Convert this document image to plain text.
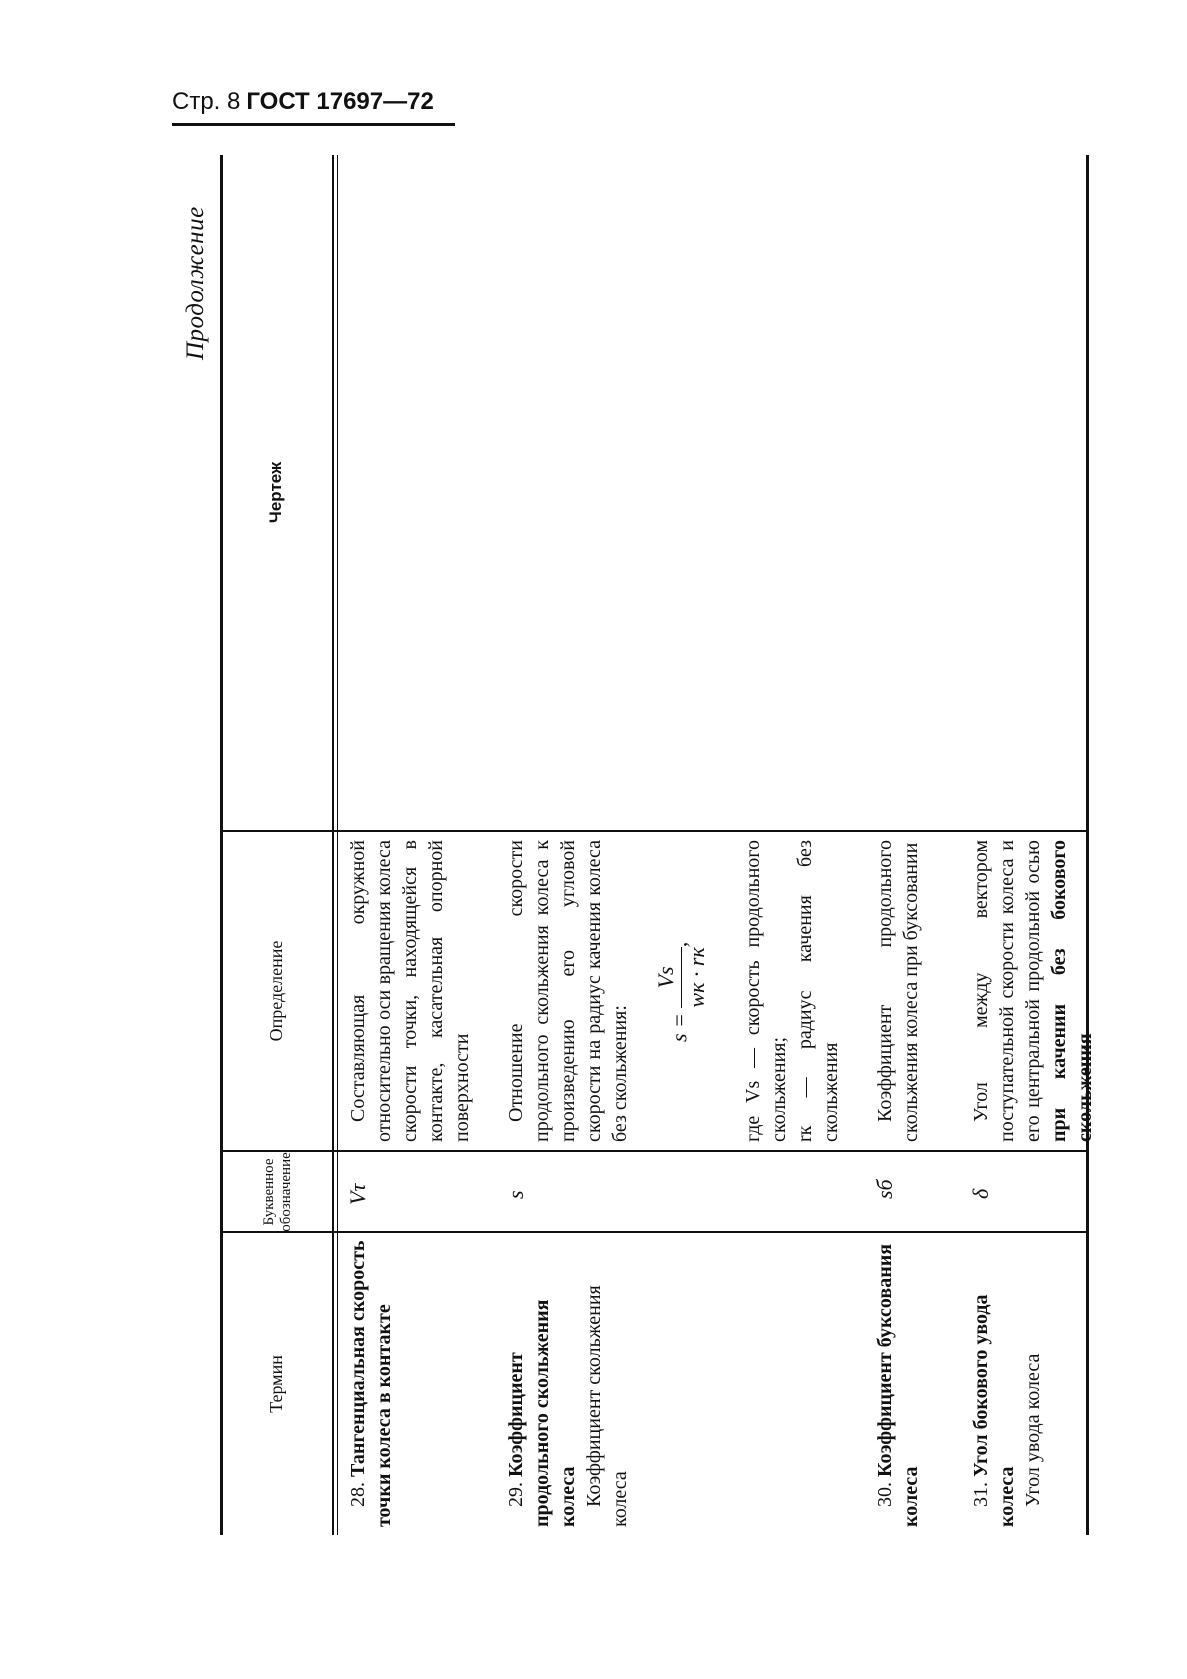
Стр. 8 ГОСТ 17697—72
Продолжение
Термин
Буквенное обозначение
Определение
Чертеж
28. Тангенциальная скорость точки колеса в контакте
Vτ
Составляющая окружной относительно оси вращения колеса скорости точки, находящейся в контакте, касательная опорной поверхности
29. Коэффициент продольного скольжения колеса Коэффициент скольжения колеса
s
Отношение скорости продольного скольжения колеса к произведению его угловой скорости на радиус качения колеса без скольжения:	s =
Vs wк · rк
,	где Vs — скорость продольного скольжения; rк — радиус качения без скольжения
30. Коэффициент буксования колеса
sб
Коэффициент продольного скольжения колеса при буксовании
31. Угол бокового увода колеса Угол увода колеса
δ
Угол между вектором поступательной скорости колеса и его центральной продольной осью при качении без бокового скольжения
